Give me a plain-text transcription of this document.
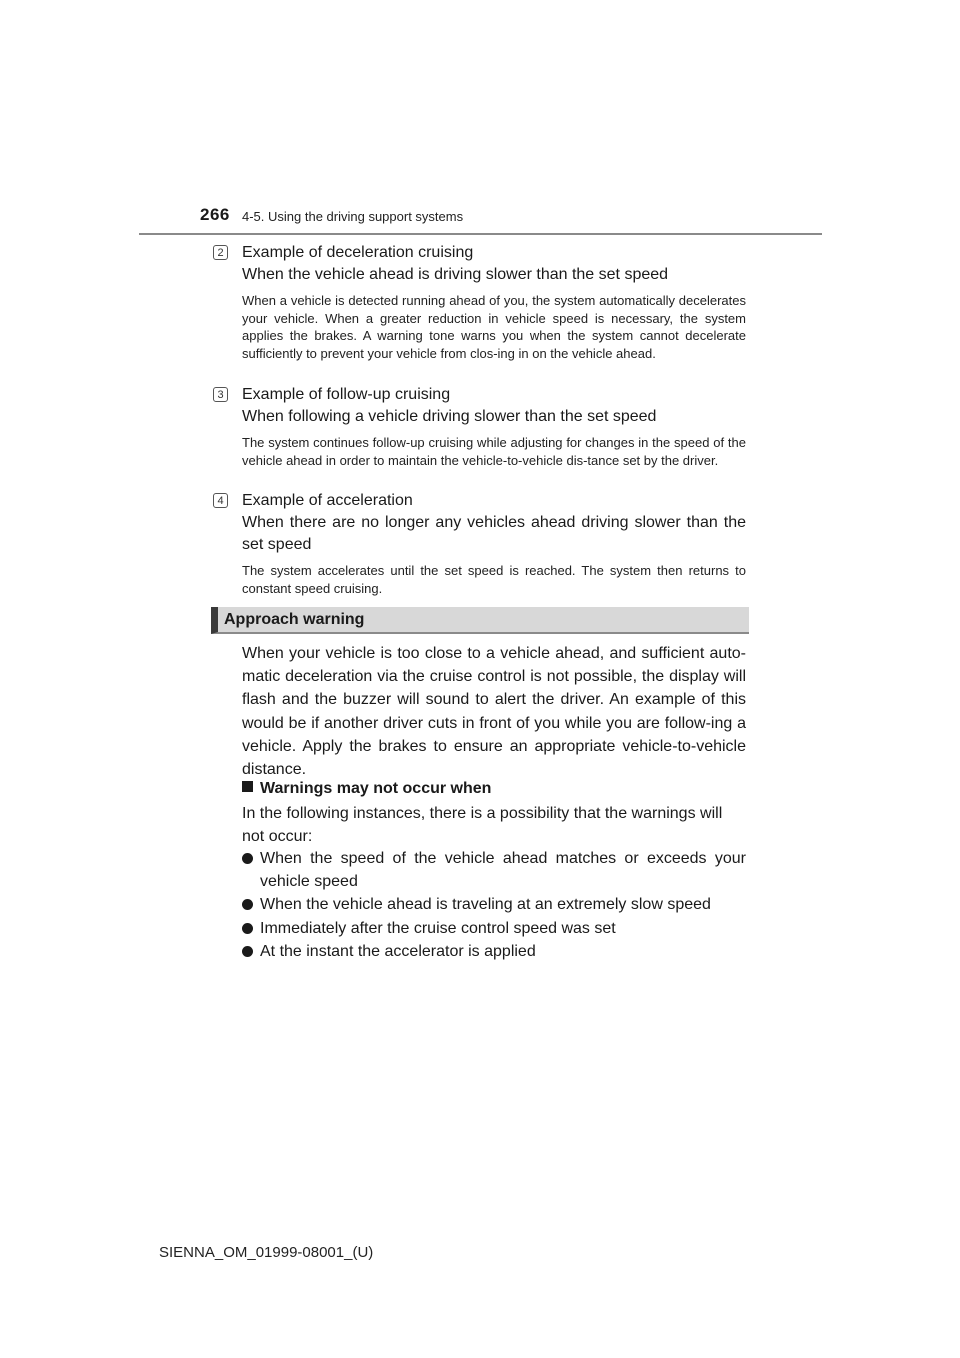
266 4-5. Using the driving support systems
2 Example of deceleration cruising
When the vehicle ahead is driving slower than the set speed
When a vehicle is detected running ahead of you, the system automatically decelerates your vehicle. When a greater reduction in vehicle speed is necessary, the system applies the brakes. A warning tone warns you when the system cannot decelerate sufficiently to prevent your vehicle from clos-ing in on the vehicle ahead.
3 Example of follow-up cruising
When following a vehicle driving slower than the set speed
The system continues follow-up cruising while adjusting for changes in the speed of the vehicle ahead in order to maintain the vehicle-to-vehicle dis-tance set by the driver.
4 Example of acceleration
When there are no longer any vehicles ahead driving slower than the set speed
The system accelerates until the set speed is reached. The system then returns to constant speed cruising.
Approach warning
When your vehicle is too close to a vehicle ahead, and sufficient auto-matic deceleration via the cruise control is not possible, the display will flash and the buzzer will sound to alert the driver. An example of this would be if another driver cuts in front of you while you are follow-ing a vehicle. Apply the brakes to ensure an appropriate vehicle-to-vehicle distance.
Warnings may not occur when
In the following instances, there is a possibility that the warnings will not occur:
When the speed of the vehicle ahead matches or exceeds your vehicle speed
When the vehicle ahead is traveling at an extremely slow speed
Immediately after the cruise control speed was set
At the instant the accelerator is applied
SIENNA_OM_01999-08001_(U)
